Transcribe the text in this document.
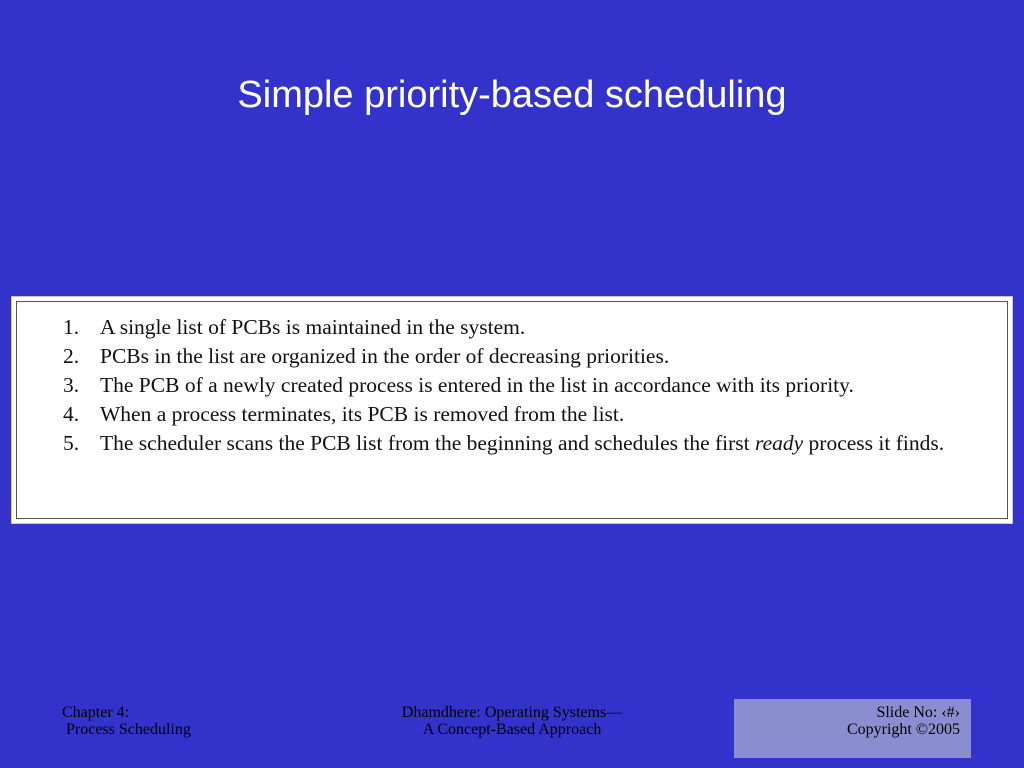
Simple priority-based scheduling
1. A single list of PCBs is maintained in the system.
2. PCBs in the list are organized in the order of decreasing priorities.
3. The PCB of a newly created process is entered in the list in accordance with its priority.
4. When a process terminates, its PCB is removed from the list.
5. The scheduler scans the PCB list from the beginning and schedules the first ready process it finds.
Chapter 4:
Process Scheduling
Dhamdhere: Operating Systems—
A Concept-Based Approach
Slide No: ‹#›
Copyright ©2005
